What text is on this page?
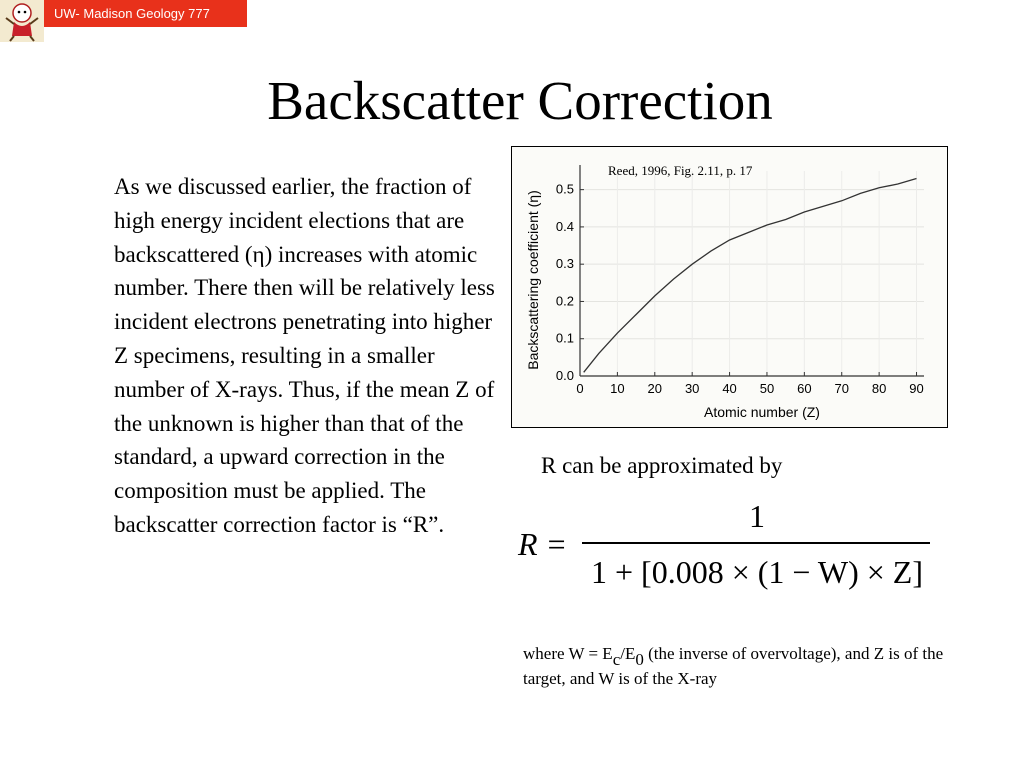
UW- Madison Geology 777
Backscatter Correction
As we discussed earlier, the fraction of high energy incident elections that are backscattered (η) increases with atomic number. There then will be relatively less incident electrons penetrating into higher Z specimens, resulting in a smaller number of X-rays. Thus, if the mean Z of the unknown is higher than that of the standard, a upward correction in the composition must be applied. The backscatter correction factor is “R”.
0 10 20 30 40 50 60 70 80 90
0.0
0.1
0.2
0.3
0.4
0.5
Reed, 1996, Fig. 2.11, p. 17
Atomic number (Z)
Backscattering coefficient (η)
R can be approximated by
R =
1
1 + [0.008 × (1 − W) × Z]
where $W = E_c/E_0$ (the inverse of overvoltage), and Z is of the target, and W is of the X-ray
